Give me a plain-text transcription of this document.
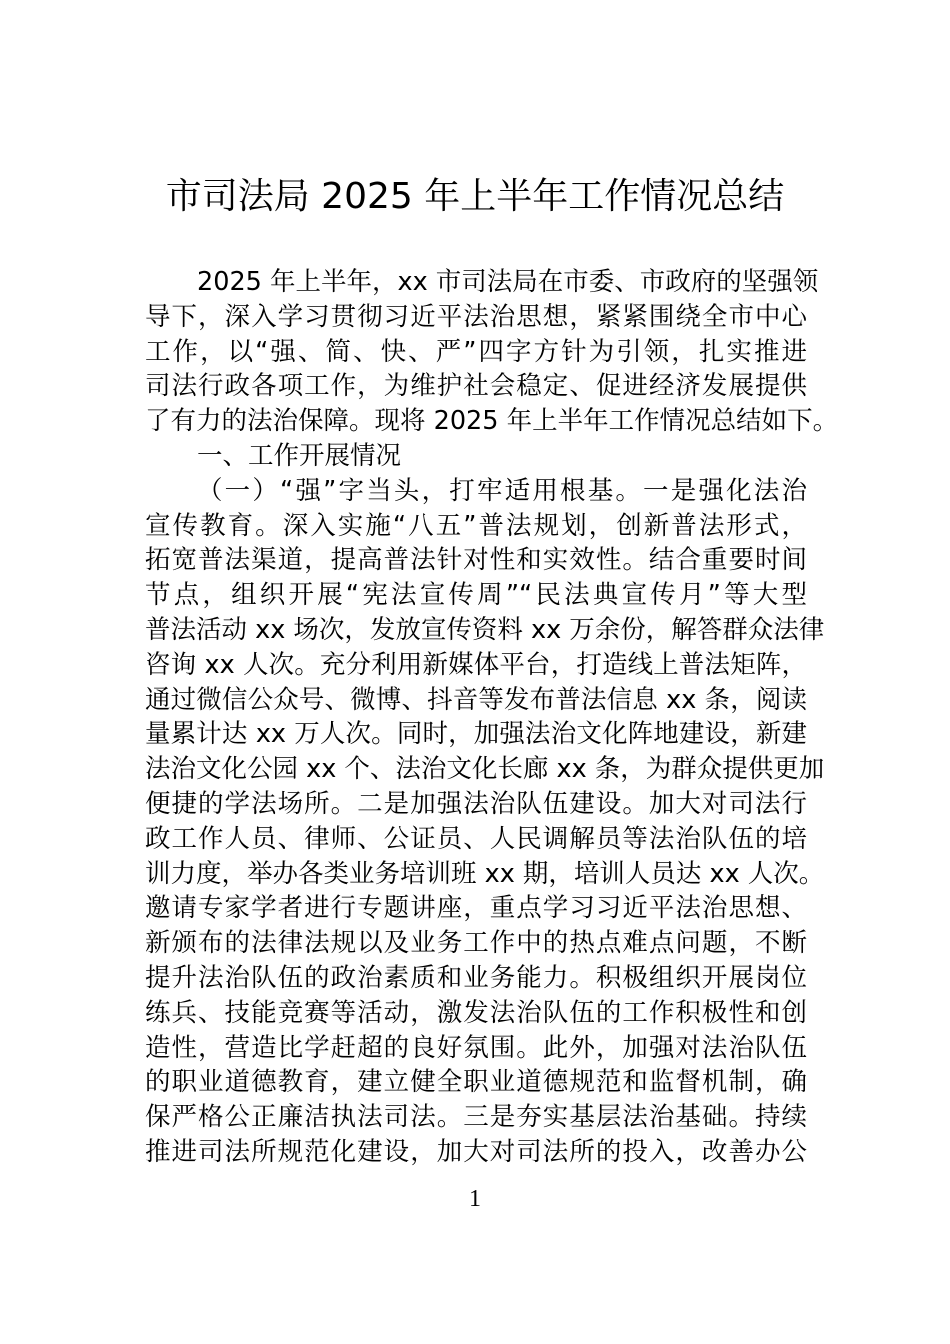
市司法局 2025 年上半年工作情况总结
2025 年上半年，xx 市司法局在市委、市政府的坚强领
导下，深入学习贯彻习近平法治思想，紧紧围绕全市中心
工作，以“强、简、快、严”四字方针为引领，扎实推进
司法行政各项工作，为维护社会稳定、促进经济发展提供
了有力的法治保障。现将 2025 年上半年工作情况总结如下。
一、工作开展情况
（一）“强”字当头，打牢适用根基。一是强化法治
宣传教育。深入实施“八五”普法规划，创新普法形式，
拓宽普法渠道，提高普法针对性和实效性。结合重要时间
节点，组织开展“宪法宣传周”“民法典宣传月”等大型
普法活动 xx 场次，发放宣传资料 xx 万余份，解答群众法律
咨询 xx 人次。充分利用新媒体平台，打造线上普法矩阵，
通过微信公众号、微博、抖音等发布普法信息 xx 条，阅读
量累计达 xx 万人次。同时，加强法治文化阵地建设，新建
法治文化公园 xx 个、法治文化长廊 xx 条，为群众提供更加
便捷的学法场所。二是加强法治队伍建设。加大对司法行
政工作人员、律师、公证员、人民调解员等法治队伍的培
训力度，举办各类业务培训班 xx 期，培训人员达 xx 人次。
邀请专家学者进行专题讲座，重点学习习近平法治思想、
新颁布的法律法规以及业务工作中的热点难点问题，不断
提升法治队伍的政治素质和业务能力。积极组织开展岗位
练兵、技能竞赛等活动，激发法治队伍的工作积极性和创
造性，营造比学赶超的良好氛围。此外，加强对法治队伍
的职业道德教育，建立健全职业道德规范和监督机制，确
保严格公正廉洁执法司法。三是夯实基层法治基础。持续
推进司法所规范化建设，加大对司法所的投入，改善办公
1
